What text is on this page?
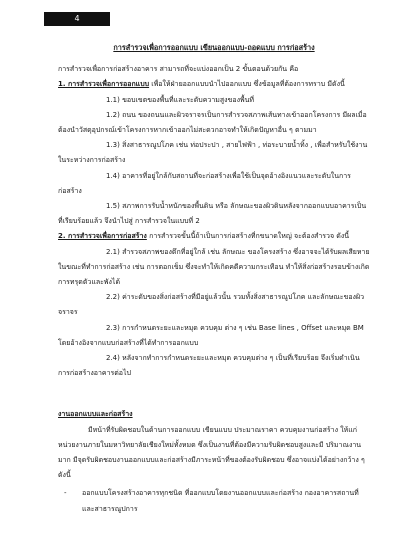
4

การสำรวจเพื่อการออกแบบ เขียนออกแบบ-ถอดแบบ การก่อสร้าง

การสำรวจเพื่อการก่อสร้างอาคาร สามารถที่จะแบ่งออกเป็น 2 ขั้นตอนด้วยกัน คือ

1. การสำรวจเพื่อการออกแบบ เพื่อให้ฝ่ายออกแบบนำไปออกแบบ ซึ่งข้อมูลที่ต้องการทราบ มีดังนี้

1.1) ขอบเขตของพื้นที่และระดับความสูงของพื้นที่

1.2) ถนน ของถนนและผิวจราจรเป็นการสำรวจสภาพเส้นทางเข้าออกโครงการ มีผลเมื่อต้องนำวัสดุอุปกรณ์เข้าโครงการหากเข้าออกไม่สะดวกอาจทำให้เกิดปัญหาอื่น ๆ ตามมา

1.3) สิ่งสาธารณูปโภค เช่น ท่อประปา , สายไฟฟ้า , ท่อระบายน้ำทิ้ง , เพื่อสำหรับใช้งานในระหว่างการก่อสร้าง

1.4) อาคารที่อยู่ใกล้กับสถานที่จะก่อสร้างเพื่อใช้เป็นจุดอ้างอิงแนวและระดับในการก่อสร้าง

1.5) สภาพการรับน้ำหนักของพื้นดิน หรือ ลักษณะของผิวดินหลังจากออกแบบอาคารเป็นที่เรียบร้อยแล้ว จึงนำไปสู่ การสำรวจในแบบที่ 2

2. การสำรวจเพื่อการก่อสร้าง การสำรวจขั้นนี้ถ้าเป็นการก่อสร้างที่กขนาดใหญ่ จะต้องสำรวจ ดังนี้

2.1) สำรวจสภาพของตึกที่อยู่ใกล้ เช่น ลักษณะ ของโครงสร้าง ซึ่งอาจจะได้รับผลเสียหายในขณะที่ทำการก่อสร้าง เช่น การตอกเข็ม ซึ่งจะทำให้เกิดคดีความกระเทือน ทำให้สิ่งก่อสร้างรอบข้างเกิดการทรุดตัวและพังได้

2.2) ค่าระดับของสิ่งก่อสร้างที่มีอยู่แล้วนั้น รวมทั้งสิ่งสาธารณูปโภค และลักษณะของผิวจราจร

2.3) การกำหนดระยะและหมุด ควบคุม ต่าง ๆ เช่น Base lines , Offset และหมุด BM โดยอ้างอิงจากแบบก่อสร้างที่ได้ทำการออกแบบ

2.4) หลังจากทำการกำหนดระยะและหมุด ควบคุมต่าง ๆ เป็นที่เรียบร้อย จึงเริ่มดำเนินการก่อสร้างอาคารต่อไป

งานออกแบบและก่อสร้าง

มีหน้าที่รับผิดชอบในด้านการออกแบบ เขียนแบบ ประมาณราคา ควบคุมงานก่อสร้าง ให้แก่หน่วยงานภายในมหาวิทยาลัยเชียงใหม่ทั้งหมด ซึ่งเป็นงานที่ต้องมีความรับผิดชอบสูงและมี ปริมาณงานมาก มีจุดรับผิดชอบงานออกแบบและก่อสร้างมีภาระหน้าที่ของต้องรับผิดชอบ ซึ่งอาจแบ่งได้อย่างกว้าง ๆ ดังนี้

-	ออกแบบโครงสร้างอาคารทุกชนิด ที่ออกแบบโดยงานออกแบบและก่อสร้าง กองอาคารสถานที่ และสาธารณูปการ
